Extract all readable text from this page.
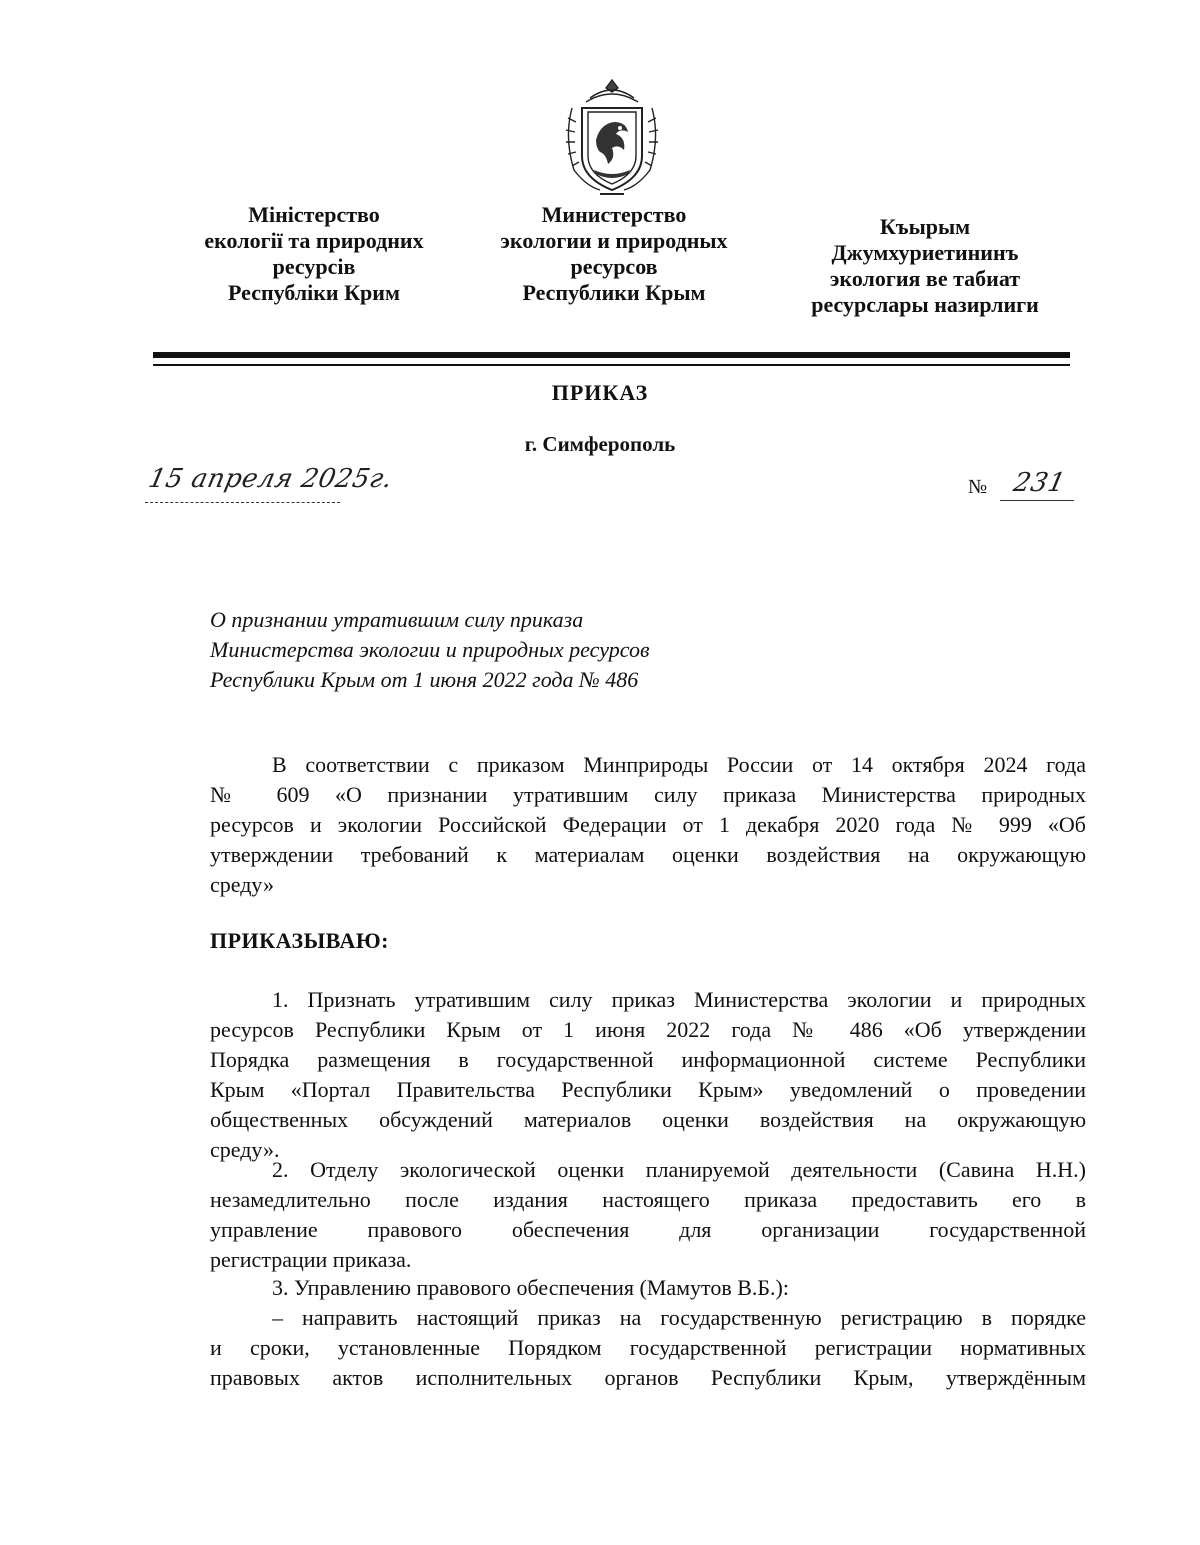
Міністерство
екології та природних
ресурсів
Республіки Крим
Министерство
экологии и природных
ресурсов
Республики Крым
Къырым
Джумхуриетининъ
экология ве табиат
ресурслары назирлиги
ПРИКАЗ
г. Симферополь
15 апреля 2025г.	№ 231
О признании утратившим силу приказа
Министерства экологии и природных ресурсов
Республики Крым от 1 июня 2022 года № 486
В соответствии с приказом Минприроды России от 14 октября 2024 года
№ 609 «О признании утратившим силу приказа Министерства природных
ресурсов и экологии Российской Федерации от 1 декабря 2020 года № 999 «Об
утверждении требований к материалам оценки воздействия на окружающую
среду»
ПРИКАЗЫВАЮ:
1. Признать утратившим силу приказ Министерства экологии и природных
ресурсов Республики Крым от 1 июня 2022 года № 486 «Об утверждении
Порядка размещения в государственной информационной системе Республики
Крым «Портал Правительства Республики Крым» уведомлений о проведении
общественных обсуждений материалов оценки воздействия на окружающую
среду».
2. Отделу экологической оценки планируемой деятельности (Савина Н.Н.)
незамедлительно после издания настоящего приказа предоставить его в
управление правового обеспечения для организации государственной
регистрации приказа.
3. Управлению правового обеспечения (Мамутов В.Б.):
– направить настоящий приказ на государственную регистрацию в порядке
и сроки, установленные Порядком государственной регистрации нормативных
правовых актов исполнительных органов Республики Крым, утверждённым
